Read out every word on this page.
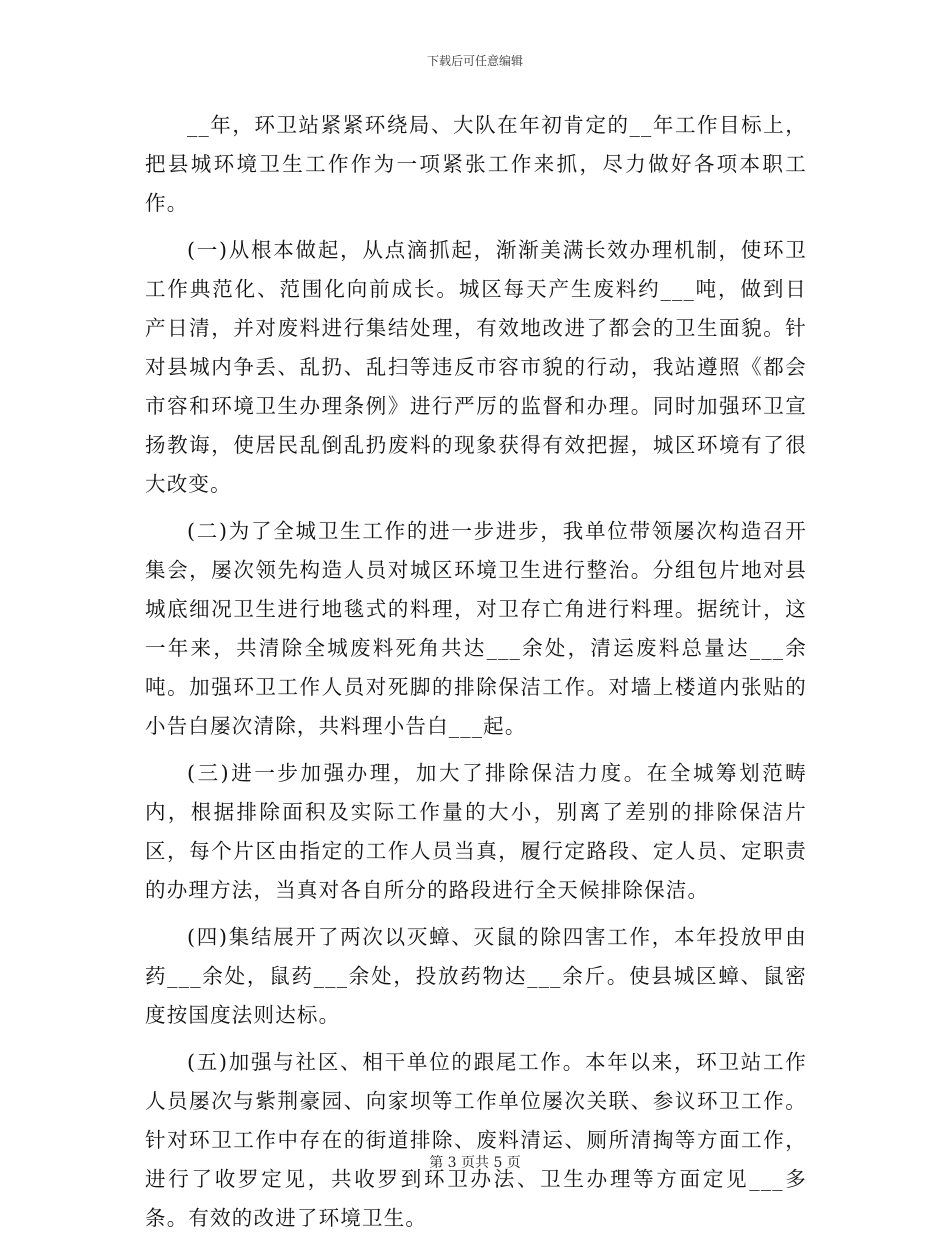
下载后可任意编辑

__年，环卫站紧紧环绕局、大队在年初肯定的__年工作目标上，把县城环境卫生工作作为一项紧张工作来抓，尽力做好各项本职工作。

(一)从根本做起，从点滴抓起，渐渐美满长效办理机制，使环卫工作典范化、范围化向前成长。城区每天产生废料约___吨，做到日产日清，并对废料进行集结处理，有效地改进了都会的卫生面貌。针对县城内争丢、乱扔、乱扫等违反市容市貌的行动，我站遵照《都会市容和环境卫生办理条例》进行严厉的监督和办理。同时加强环卫宣扬教诲，使居民乱倒乱扔废料的现象获得有效把握，城区环境有了很大改变。

(二)为了全城卫生工作的进一步进步，我单位带领屡次构造召开集会，屡次领先构造人员对城区环境卫生进行整治。分组包片地对县城底细况卫生进行地毯式的料理，对卫存亡角进行料理。据统计，这一年来，共清除全城废料死角共达___余处，清运废料总量达___余吨。加强环卫工作人员对死脚的排除保洁工作。对墙上楼道内张贴的小告白屡次清除，共料理小告白___起。

(三)进一步加强办理，加大了排除保洁力度。在全城筹划范畴内，根据排除面积及实际工作量的大小，别离了差别的排除保洁片区，每个片区由指定的工作人员当真，履行定路段、定人员、定职责的办理方法，当真对各自所分的路段进行全天候排除保洁。

(四)集结展开了两次以灭蟑、灭鼠的除四害工作，本年投放甲由药___余处，鼠药___余处，投放药物达___余斤。使县城区蟑、鼠密度按国度法则达标。

(五)加强与社区、相干单位的跟尾工作。本年以来，环卫站工作人员屡次与紫荆豪园、向家坝等工作单位屡次关联、参议环卫工作。针对环卫工作中存在的街道排除、废料清运、厕所清掏等方面工作，进行了收罗定见，共收罗到环卫办法、卫生办理等方面定见___多条。有效的改进了环境卫生。

第 3 页共 5 页
